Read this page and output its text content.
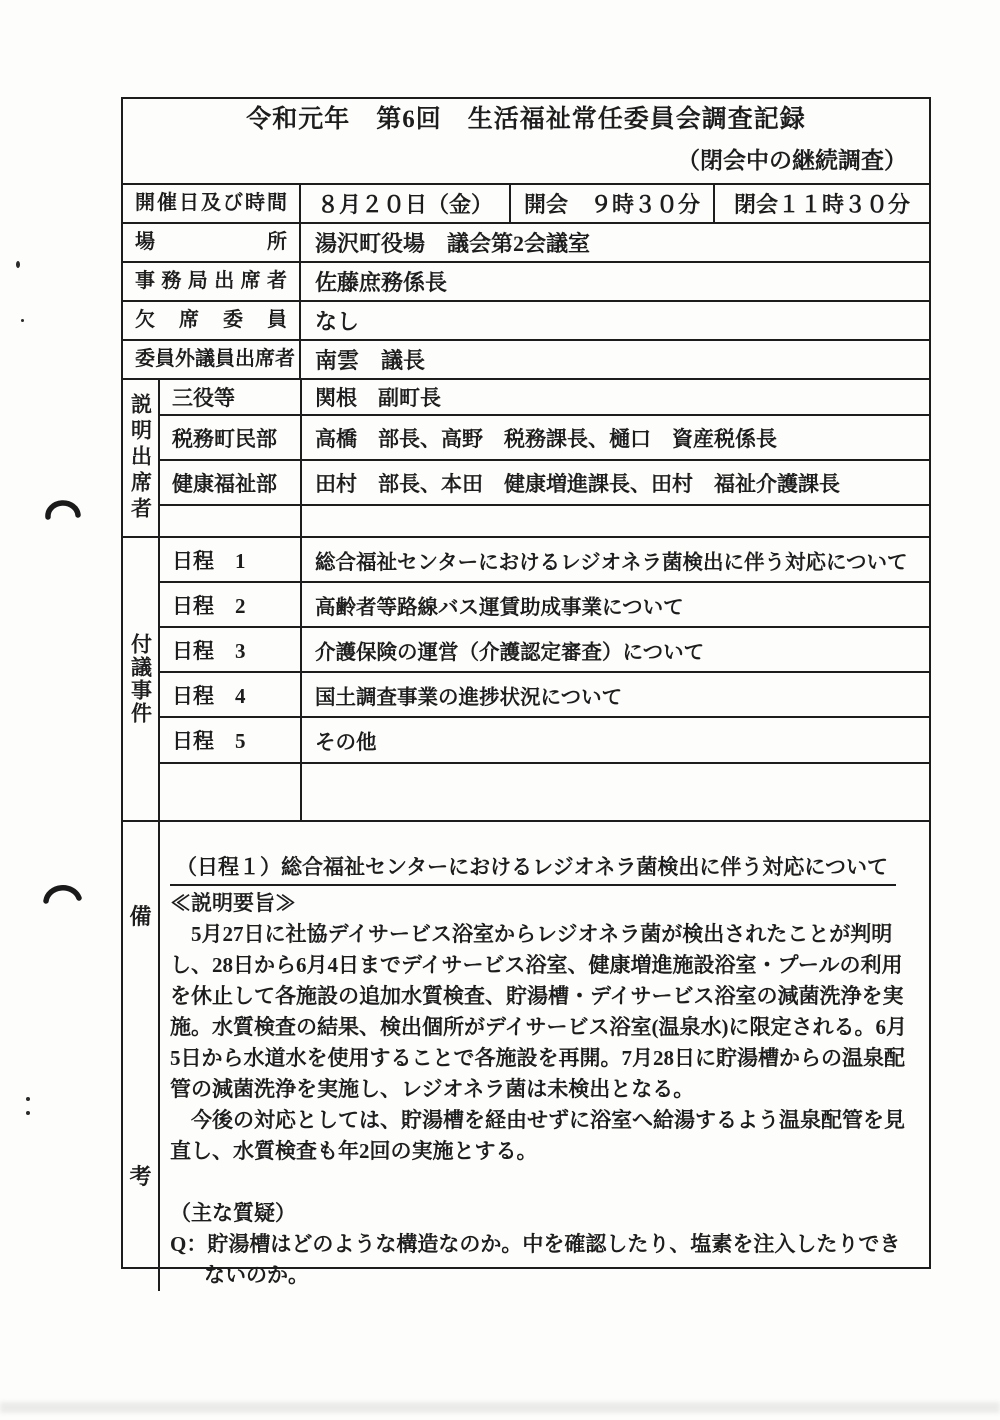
令和元年　第6回　生活福祉常任委員会調査記録
（閉会中の継続調査）
開催日及び時間	８月２０日（金）	開会　９時３０分	閉会１１時３０分
場所	湯沢町役場　議会第2会議室
事務局出席者	佐藤庶務係長
欠席委員	なし
委員外議員出席者 南雲　議長
説明出席者 三役等	関根　副町長
税務町民部	高橋　部長、高野　税務課長、樋口　資産税係長
健康福祉部	田村　部長、本田　健康増進課長、田村　福祉介護課長
付議事件
日程　1	総合福祉センターにおけるレジオネラ菌検出に伴う対応について
日程　2	高齢者等路線バス運賃助成事業について
日程　3	介護保険の運営（介護認定審査）について
日程　4	国土調査事業の進捗状況について
日程　5	その他
備
考
（日程１）総合福祉センターにおけるレジオネラ菌検出に伴う対応について

≪説明要旨≫

　5月27日に社協デイサービス浴室からレジオネラ菌が検出されたことが判明し、28日から6月4日までデイサービス浴室、健康増進施設浴室・プールの利用を休止して各施設の追加水質検査、貯湯槽・デイサービス浴室の減菌洗浄を実施。水質検査の結果、検出個所がデイサービス浴室(温泉水)に限定される。6月5日から水道水を使用することで各施設を再開。7月28日に貯湯槽からの温泉配管の減菌洗浄を実施し、レジオネラ菌は未検出となる。

　今後の対応としては、貯湯槽を経由せずに浴室へ給湯するよう温泉配管を見直し、水質検査も年2回の実施とする。

（主な質疑）

Q：貯湯槽はどのような構造なのか。中を確認したり、塩素を注入したりできないのか。
